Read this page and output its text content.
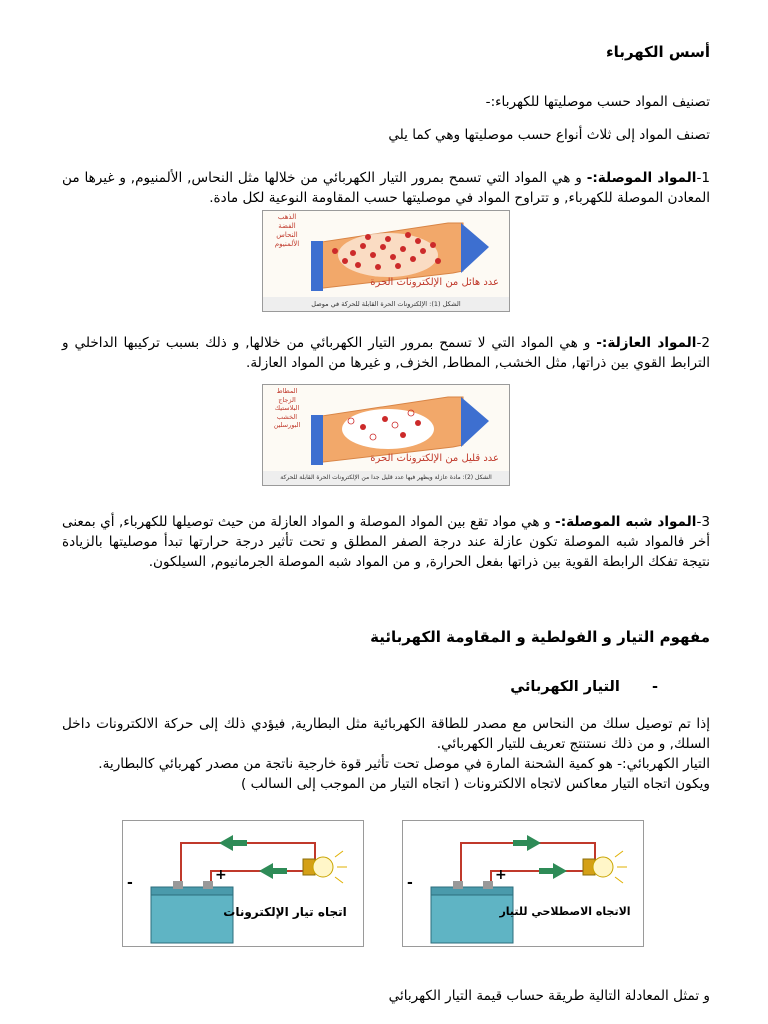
أسس الكهرباء
تصنيف المواد حسب موصليتها للكهرباء:-
تصنف المواد إلى ثلاث أنواع حسب موصليتها وهي كما يلي
1-المواد الموصلة:- و هي المواد التي تسمح بمرور التيار الكهربائي من خلالها مثل النحاس, الألمنيوم, و غيرها من المعادن الموصلة للكهرباء, و تتراوح المواد في موصليتها حسب المقاومة النوعية لكل مادة.
الذهب
الفضة
النحاس
الألمنيوم
عدد هائل من الإلكترونات الحرة
الشكل (1): الإلكترونات الحرة القابلة للحركة في موصل
2-المواد العازلة:- و هي المواد التي لا تسمح بمرور التيار الكهربائي من خلالها, و ذلك بسبب تركيبها الداخلي و الترابط القوي بين ذراتها, مثل الخشب, المطاط, الخزف, و غيرها من المواد العازلة.
المطاط
الزجاج
البلاستيك
الخشب
البورسلين
عدد قليل من الإلكترونات الحرة
الشكل (2): مادة عازلة ويظهر فيها عدد قليل جدا من الإلكترونات الحرة القابلة للحركة
3-المواد شبه الموصلة:- و هي مواد تقع بين المواد الموصلة و المواد العازلة من حيث توصيلها للكهرباء, أي بمعنى أخر فالمواد شبه الموصلة تكون عازلة عند درجة الصفر المطلق و تحت تأثير درجة حرارتها تبدأ موصليتها بالزيادة نتيجة تفكك الرابطة القوية بين ذراتها بفعل الحرارة, و من المواد شبه الموصلة الجرمانيوم, السيلكون.
مفهوم التيار و الفولطية و المقاومة الكهربائية
-  التيار الكهربائي
إذا تم توصيل سلك من النحاس مع مصدر للطاقة الكهربائية مثل البطارية, فيؤدي ذلك إلى حركة الالكترونات داخل السلك, و من ذلك نستنتج تعريف للتيار الكهربائي.
التيار الكهربائي:- هو كمية الشحنة المارة في موصل تحت تأثير قوة خارجية ناتجة من مصدر كهربائي كالبطارية.
ويكون اتجاه التيار معاكس لاتجاه الالكترونات ( اتجاه التيار من الموجب إلى السالب )
-	+
اتجاه تيار الإلكترونات
-	+
الاتجاه الاصطلاحي للتيار
و تمثل المعادلة التالية طريقة حساب قيمة التيار الكهربائي
